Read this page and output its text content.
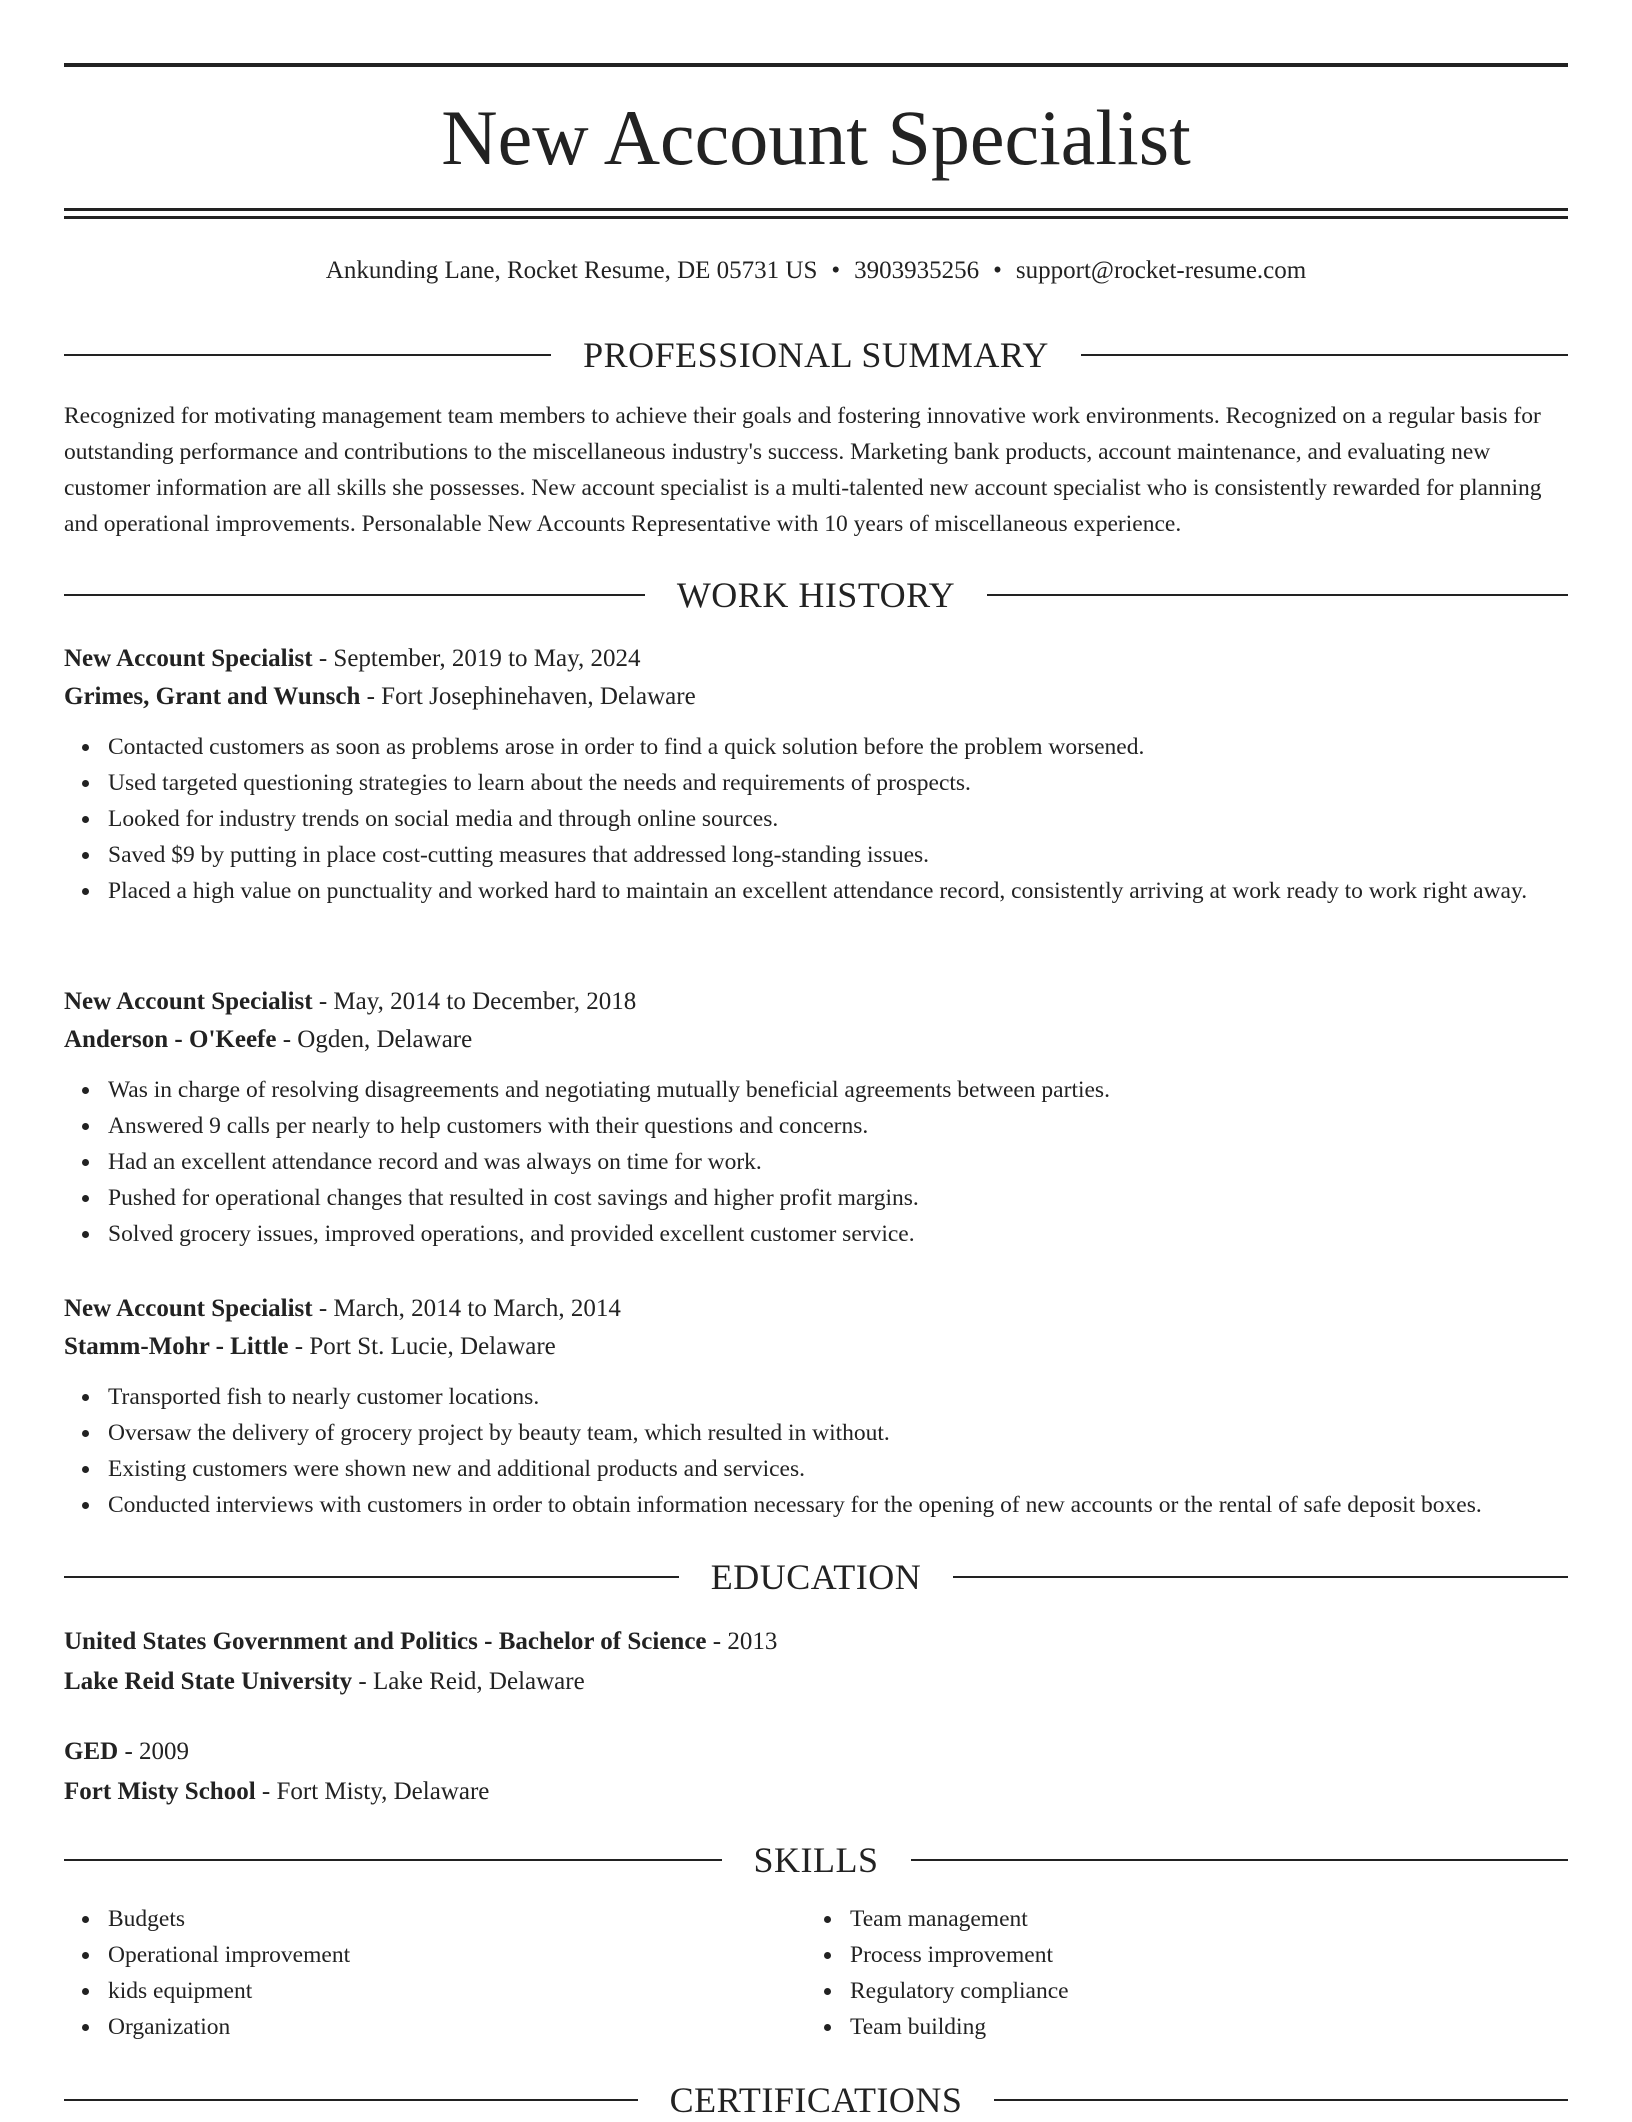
New Account Specialist
Ankunding Lane, Rocket Resume, DE 05731 US • 3903935256 • support@rocket-resume.com
PROFESSIONAL SUMMARY

Recognized for motivating management team members to achieve their goals and fostering innovative work environments. Recognized on a regular basis for outstanding performance and contributions to the miscellaneous industry's success. Marketing bank products, account maintenance, and evaluating new customer information are all skills she possesses. New account specialist is a multi-talented new account specialist who is consistently rewarded for planning and operational improvements. Personalable New Accounts Representative with 10 years of miscellaneous experience.

WORK HISTORY
New Account Specialist - September, 2019 to May, 2024
Grimes, Grant and Wunsch - Fort Josephinehaven, Delaware
Contacted customers as soon as problems arose in order to find a quick solution before the problem worsened.
Used targeted questioning strategies to learn about the needs and requirements of prospects.
Looked for industry trends on social media and through online sources.
Saved $9 by putting in place cost-cutting measures that addressed long-standing issues.
Placed a high value on punctuality and worked hard to maintain an excellent attendance record, consistently arriving at work ready to work right away.
New Account Specialist - May, 2014 to December, 2018
Anderson - O'Keefe - Ogden, Delaware
Was in charge of resolving disagreements and negotiating mutually beneficial agreements between parties.
Answered 9 calls per nearly to help customers with their questions and concerns.
Had an excellent attendance record and was always on time for work.
Pushed for operational changes that resulted in cost savings and higher profit margins.
Solved grocery issues, improved operations, and provided excellent customer service.
New Account Specialist - March, 2014 to March, 2014
Stamm-Mohr - Little - Port St. Lucie, Delaware
Transported fish to nearly customer locations.
Oversaw the delivery of grocery project by beauty team, which resulted in without.
Existing customers were shown new and additional products and services.
Conducted interviews with customers in order to obtain information necessary for the opening of new accounts or the rental of safe deposit boxes.
EDUCATION
United States Government and Politics - Bachelor of Science - 2013
Lake Reid State University - Lake Reid, Delaware
GED - 2009
Fort Misty School - Fort Misty, Delaware
SKILLS
Budgets
Operational improvement
kids equipment
Organization
Team management
Process improvement
Regulatory compliance
Team building
CERTIFICATIONS
